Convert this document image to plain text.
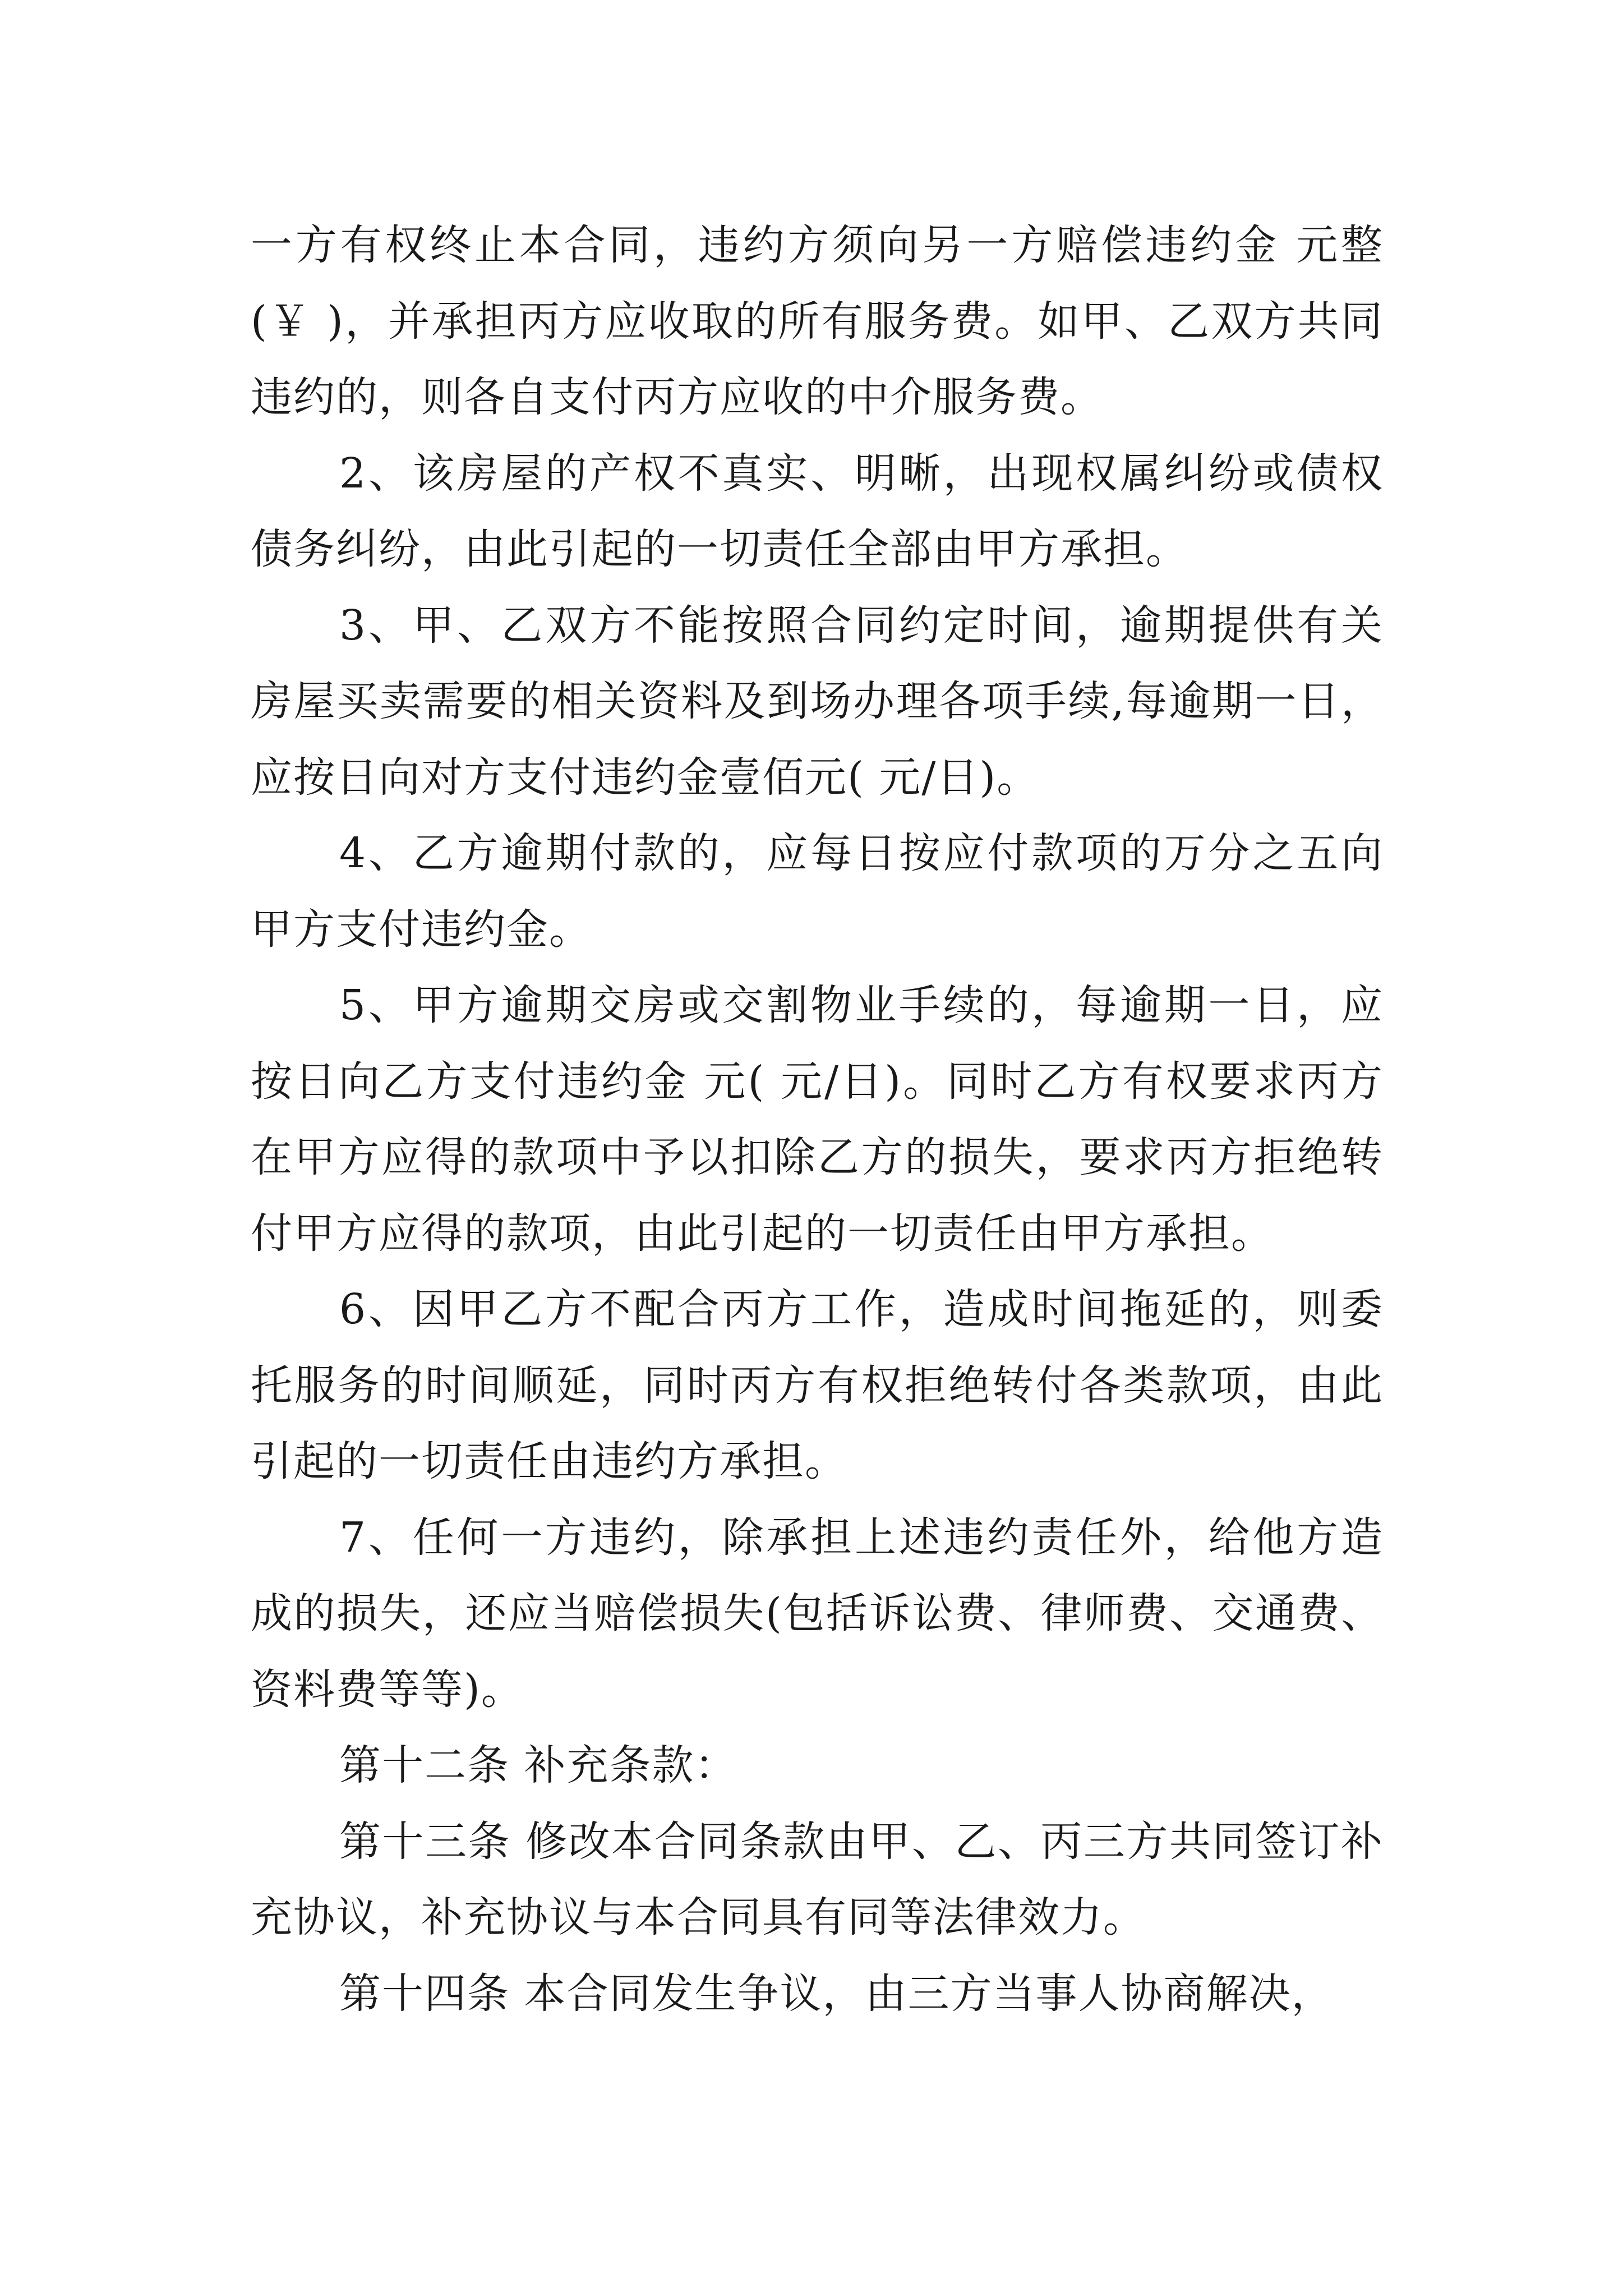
一方有权终止本合同，违约方须向另一方赔偿违约金 元整(￥ )，并承担丙方应收取的所有服务费。如甲、乙双方共同违约的，则各自支付丙方应收的中介服务费。

2、该房屋的产权不真实、明晰，出现权属纠纷或债权债务纠纷，由此引起的一切责任全部由甲方承担。

3、甲、乙双方不能按照合同约定时间，逾期提供有关房屋买卖需要的相关资料及到场办理各项手续,每逾期一日，应按日向对方支付违约金壹佰元( 元/日)。

4、乙方逾期付款的，应每日按应付款项的万分之五向甲方支付违约金。

5、甲方逾期交房或交割物业手续的，每逾期一日，应按日向乙方支付违约金 元( 元/日)。同时乙方有权要求丙方在甲方应得的款项中予以扣除乙方的损失，要求丙方拒绝转付甲方应得的款项，由此引起的一切责任由甲方承担。

6、因甲乙方不配合丙方工作，造成时间拖延的，则委托服务的时间顺延，同时丙方有权拒绝转付各类款项，由此引起的一切责任由违约方承担。

7、任何一方违约，除承担上述违约责任外，给他方造成的损失，还应当赔偿损失(包括诉讼费、律师费、交通费、资料费等等)。

第十二条 补充条款：

第十三条 修改本合同条款由甲、乙、丙三方共同签订补充协议，补充协议与本合同具有同等法律效力。

第十四条 本合同发生争议，由三方当事人协商解决，
